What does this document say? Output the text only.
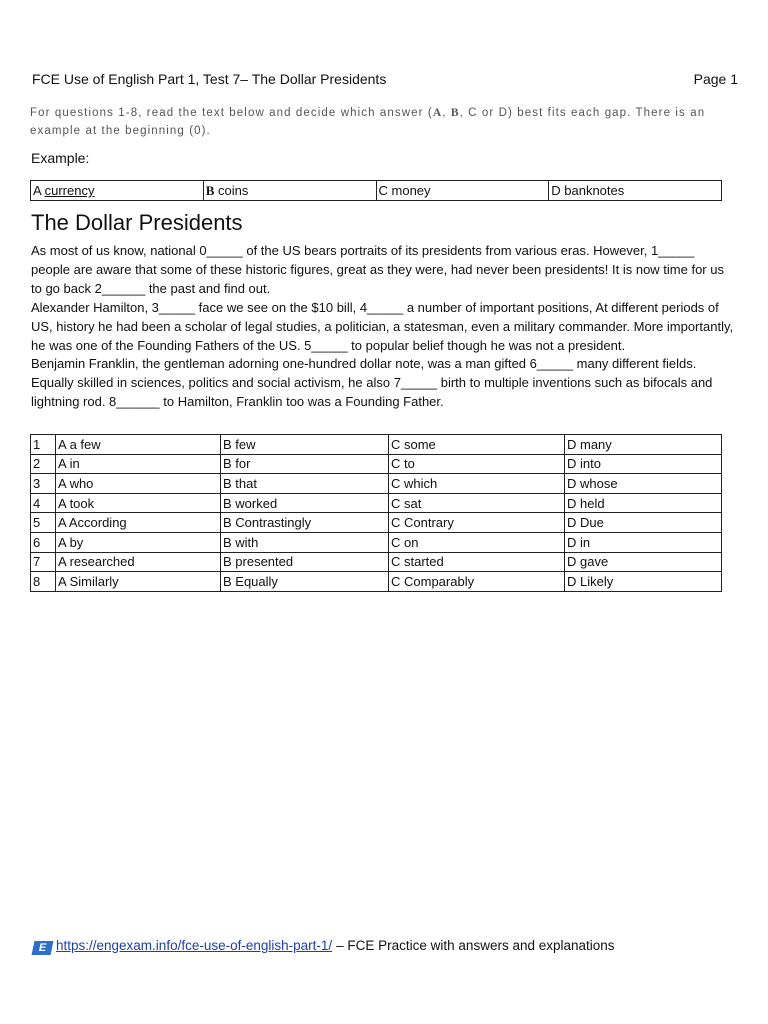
FCE Use of English Part 1, Test 7– The Dollar Presidents	Page 1
For questions 1-8, read the text below and decide which answer (A, B, C or D) best fits each gap. There is an example at the beginning (0).
Example:
A currency	B coins	C money	D banknotes
The Dollar Presidents

As most of us know, national 0_____ of the US bears portraits of its presidents from various eras. However, 1_____ people are aware that some of these historic figures, great as they were, had never been presidents! It is now time for us to go back 2______ the past and find out.

Alexander Hamilton, 3_____ face we see on the $10 bill, 4_____ a number of important positions, At different periods of US, history he had been a scholar of legal studies, a politician, a statesman, even a military commander. More importantly, he was one of the Founding Fathers of the US. 5_____ to popular belief though he was not a president.

Benjamin Franklin, the gentleman adorning one-hundred dollar note, was a man gifted 6_____ many different fields. Equally skilled in sciences, politics and social activism, he also 7_____ birth to multiple inventions such as bifocals and lightning rod. 8______ to Hamilton, Franklin too was a Founding Father.

1	A a few	B few	C some	D many
2	A in	B for	C to	D into
3	A who	B that	C which	D whose
4	A took	B worked	C sat	D held
5	A According	B Contrastingly	C Contrary	D Due
6	A by	B with	C on	D in
7	A researched	B presented	C started	D gave
8	A Similarly	B Equally	C Comparably	D Likely
E https://engexam.info/fce-use-of-english-part-1/ – FCE Practice with answers and explanations
